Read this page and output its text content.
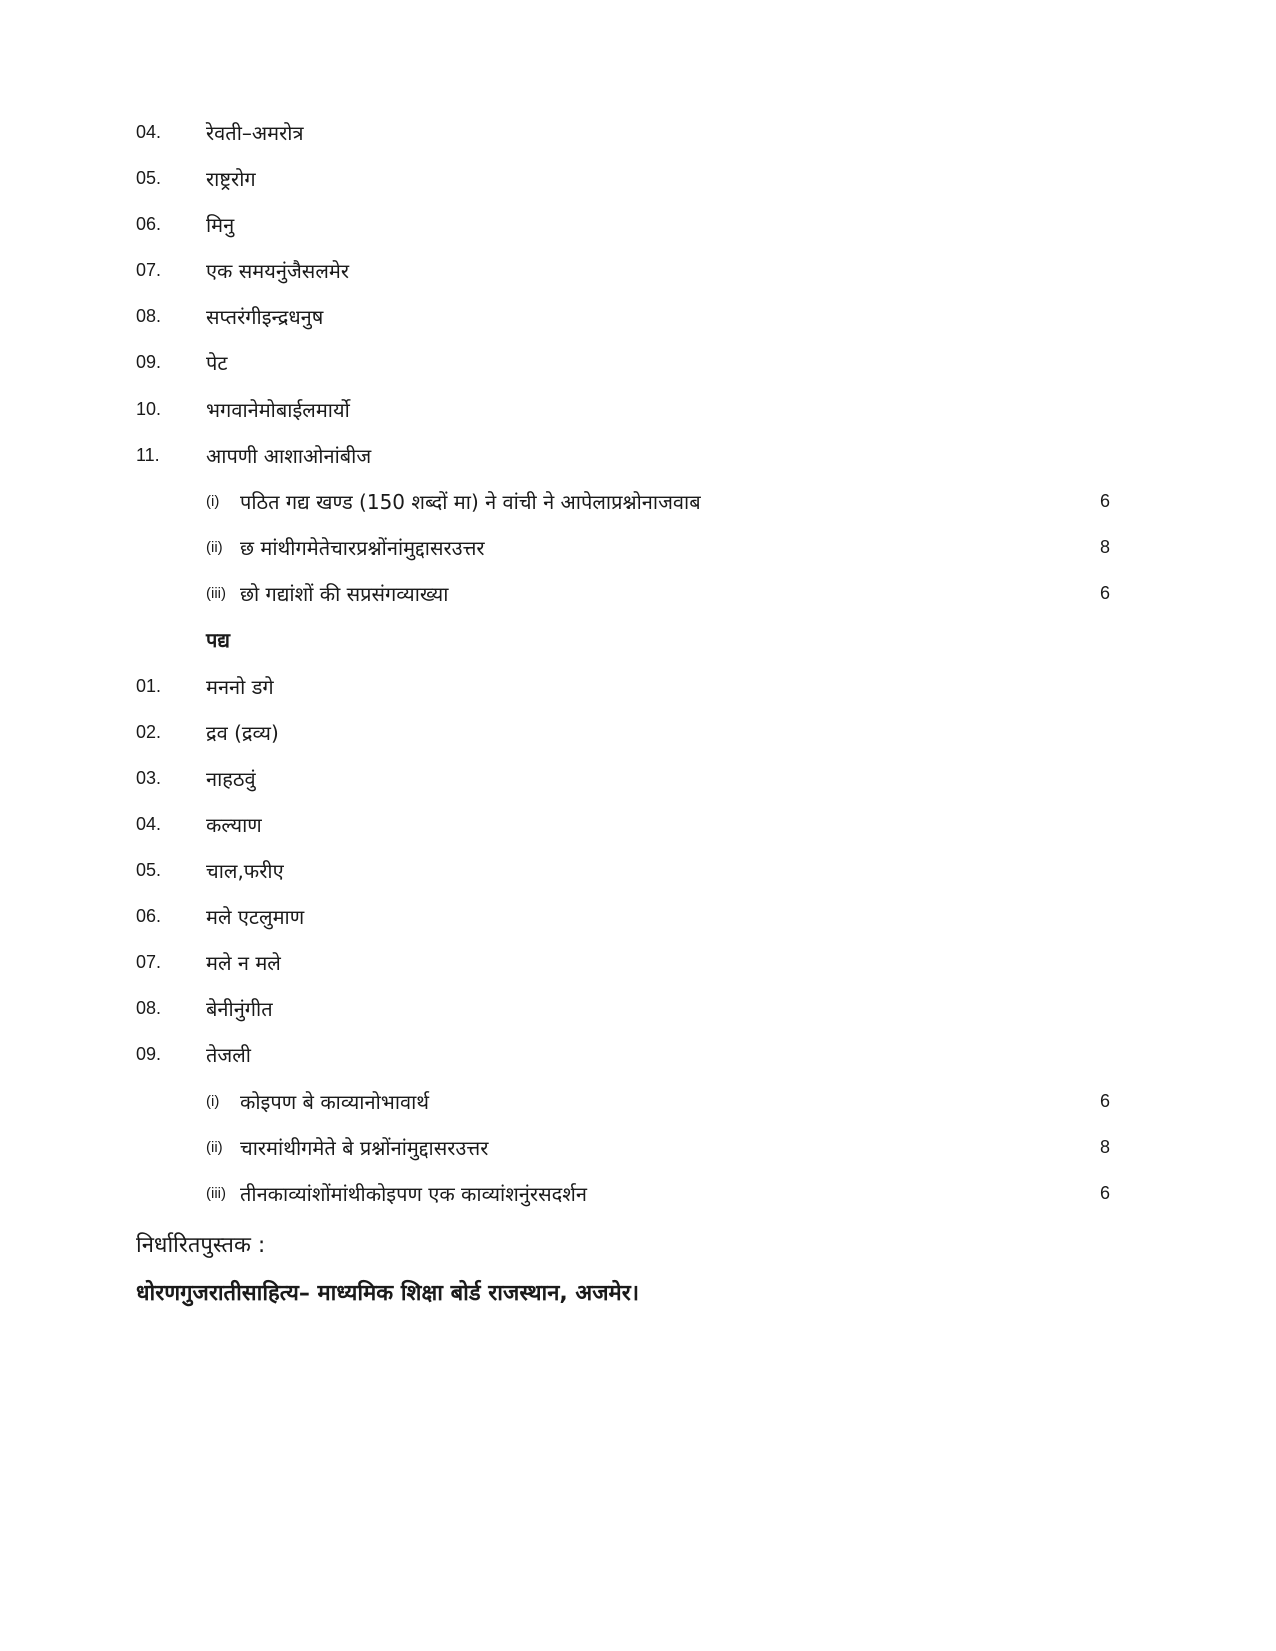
04. रेवती–अमरोत्र
05. राष्ट्ररोग
06. मिनु
07. एक समयनुंजैसलमेर
08. सप्तरंगीइन्द्रधनुष
09. पेट
10. भगवानेमोबाईलमार्यो
11. आपणी आशाओनांबीज
(i) पठित गद्य खण्ड (150 शब्दों मा) ने वांची ने आपेलाप्रश्नोनाजवाब	6
(ii) छ मांथीगमेतेचारप्रश्नोंनांमुद्दासरउत्तर	8
(iii) छो गद्यांशों की सप्रसंगव्याख्या	6
पद्य
01. मननो डगे
02. द्रव (द्रव्य)
03. नाहठवुं
04. कल्याण
05. चाल,फरीए
06. मले एटलुमाण
07. मले न मले
08. बेनीनुंगीत
09. तेजली
(i) कोइपण बे काव्यानोभावार्थ	6
(ii) चारमांथीगमेते बे प्रश्नोंनांमुद्दासरउत्तर	8
(iii) तीनकाव्यांशोंमांथीकोइपण एक काव्यांशनुंरसदर्शन	6
निर्धारितपुस्तक :
धोरणगुजरातीसाहित्य– माध्यमिक शिक्षा बोर्ड राजस्थान, अजमेर।
